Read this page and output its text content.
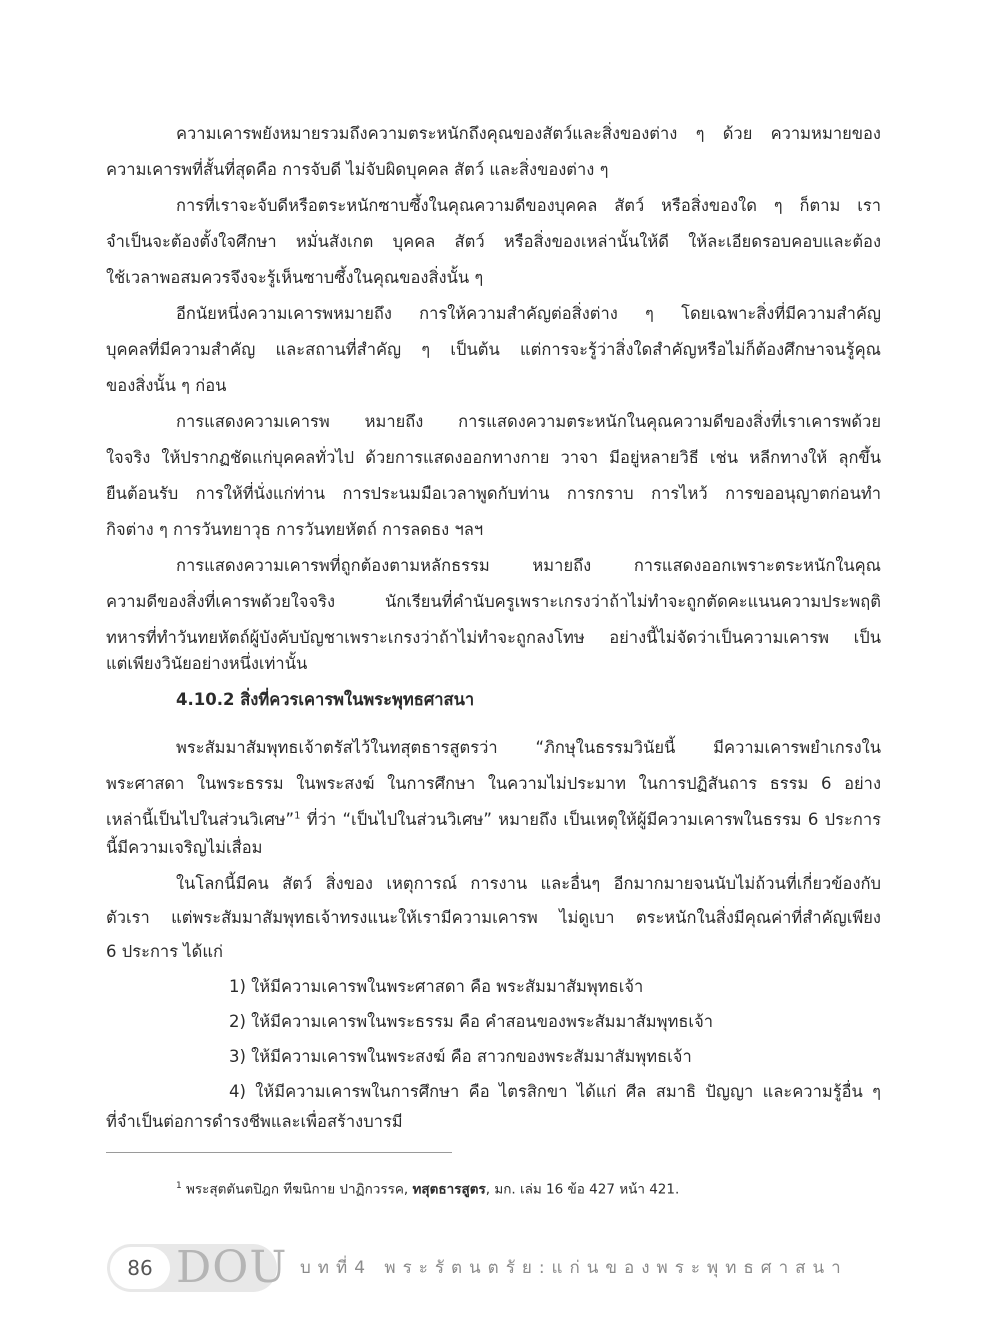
ความเคารพยังหมายรวมถึงความตระหนักถึงคุณของสัตว์และสิ่งของต่าง ๆ ด้วย ความหมายของ

ความเคารพที่สั้นที่สุดคือ การจับดี ไม่จับผิดบุคคล สัตว์ และสิ่งของต่าง ๆ

การที่เราจะจับดีหรือตระหนักซาบซึ้งในคุณความดีของบุคคล สัตว์ หรือสิ่งของใด ๆ ก็ตาม เรา

จำเป็นจะต้องตั้งใจศึกษา หมั่นสังเกต บุคคล สัตว์ หรือสิ่งของเหล่านั้นให้ดี ให้ละเอียดรอบคอบและต้อง

ใช้เวลาพอสมควรจึงจะรู้เห็นซาบซึ้งในคุณของสิ่งนั้น ๆ

อีกนัยหนึ่งความเคารพหมายถึง การให้ความสำคัญต่อสิ่งต่าง ๆ โดยเฉพาะสิ่งที่มีความสำคัญ

บุคคลที่มีความสำคัญ และสถานที่สำคัญ ๆ เป็นต้น แต่การจะรู้ว่าสิ่งใดสำคัญหรือไม่ก็ต้องศึกษาจนรู้คุณ

ของสิ่งนั้น ๆ ก่อน

การแสดงความเคารพ หมายถึง การแสดงความตระหนักในคุณความดีของสิ่งที่เราเคารพด้วย

ใจจริง ให้ปรากฏชัดแก่บุคคลทั่วไป ด้วยการแสดงออกทางกาย วาจา มีอยู่หลายวิธี เช่น หลีกทางให้ ลุกขึ้น

ยืนต้อนรับ การให้ที่นั่งแก่ท่าน การประนมมือเวลาพูดกับท่าน การกราบ การไหว้ การขออนุญาตก่อนทำ

กิจต่าง ๆ การวันทยาวุธ การวันทยหัตถ์ การลดธง ฯลฯ

การแสดงความเคารพที่ถูกต้องตามหลักธรรม หมายถึง การแสดงออกเพราะตระหนักในคุณ

ความดีของสิ่งที่เคารพด้วยใจจริง นักเรียนที่คำนับครูเพราะเกรงว่าถ้าไม่ทำจะถูกตัดคะแนนความประพฤติ

ทหารที่ทำวันทยหัตถ์ผู้บังคับบัญชาเพราะเกรงว่าถ้าไม่ทำจะถูกลงโทษ อย่างนี้ไม่จัดว่าเป็นความเคารพ เป็น

แต่เพียงวินัยอย่างหนึ่งเท่านั้น

4.10.2 สิ่งที่ควรเคารพในพระพุทธศาสนา

พระสัมมาสัมพุทธเจ้าตรัสไว้ในทสุตธารสูตรว่า “ภิกษุในธรรมวินัยนี้ มีความเคารพยำเกรงใน

พระศาสดา ในพระธรรม ในพระสงฆ์ ในการศึกษา ในความไม่ประมาท ในการปฏิสันถาร ธรรม 6 อย่าง

เหล่านี้เป็นไปในส่วนวิเศษ”$^1$ ที่ว่า “เป็นไปในส่วนวิเศษ” หมายถึง เป็นเหตุให้ผู้มีความเคารพในธรรม 6 ประการ

นี้มีความเจริญไม่เสื่อม

ในโลกนี้มีคน สัตว์ สิ่งของ เหตุการณ์ การงาน และอื่นๆ อีกมากมายจนนับไม่ถ้วนที่เกี่ยวข้องกับ

ตัวเรา แต่พระสัมมาสัมพุทธเจ้าทรงแนะให้เรามีความเคารพ ไม่ดูเบา ตระหนักในสิ่งมีคุณค่าที่สำคัญเพียง

6 ประการ ได้แก่

1) ให้มีความเคารพในพระศาสดา คือ พระสัมมาสัมพุทธเจ้า

2) ให้มีความเคารพในพระธรรม คือ คำสอนของพระสัมมาสัมพุทธเจ้า

3) ให้มีความเคารพในพระสงฆ์ คือ สาวกของพระสัมมาสัมพุทธเจ้า

4) ให้มีความเคารพในการศึกษา คือ ไตรสิกขา ได้แก่ ศีล สมาธิ ปัญญา และความรู้อื่น ๆ

ที่จำเป็นต่อการดำรงชีพและเพื่อสร้างบารมี

$^1$ พระสุตตันตปิฎก ทีฆนิกาย ปาฏิกวรรค, ทสุตธารสูตร, มก. เล่ม 16 ข้อ 427 หน้า 421.

86 DOU บทที่4 พระรัตนตรัย:แก่นของพระพุทธศาสนา
